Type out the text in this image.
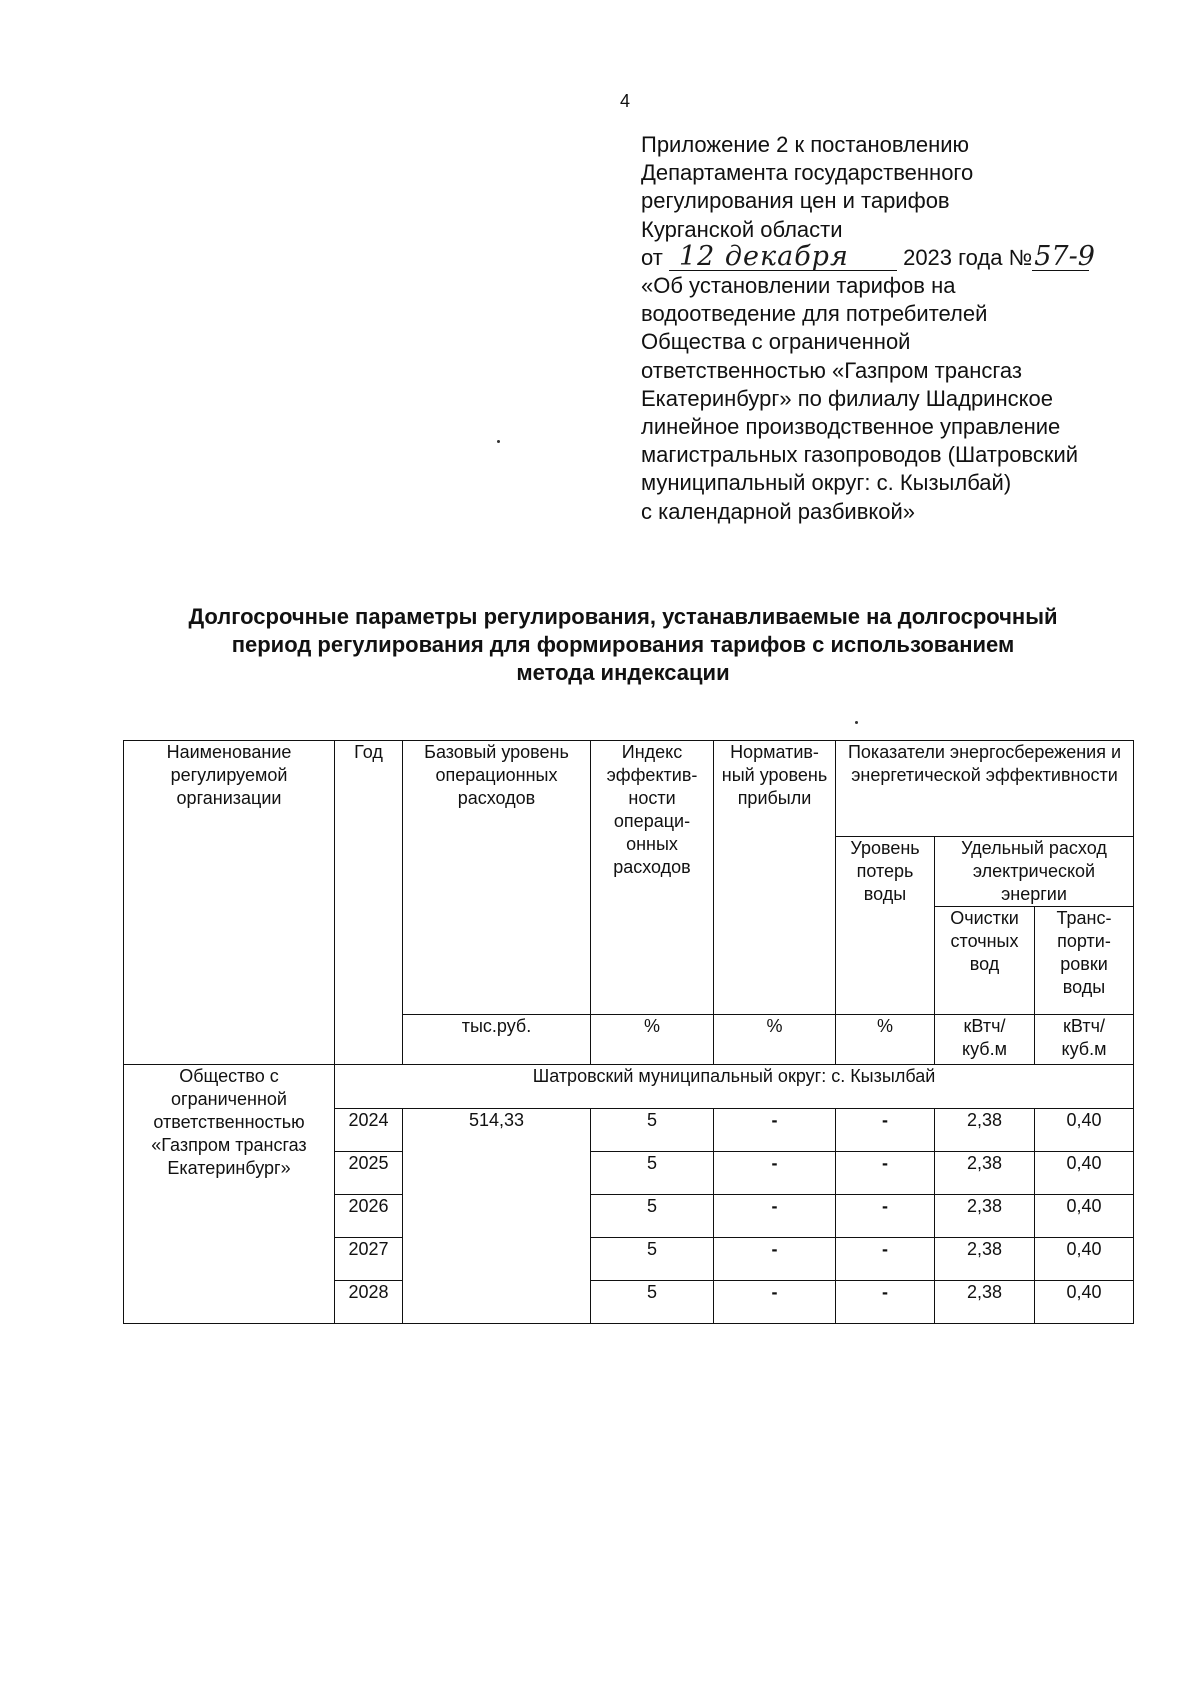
4
Приложение 2 к постановлению
Департамента государственного
регулирования цен и тарифов
Курганской области
от 12 декабря 2023 года №57-9
«Об установлении тарифов на
водоотведение для потребителей
Общества с ограниченной
ответственностью «Газпром трансгаз
Екатеринбург» по филиалу Шадринское
линейное производственное управление
магистральных газопроводов (Шатровский
муниципальный округ: с. Кызылбай)
с календарной разбивкой»
Долгосрочные параметры регулирования, устанавливаемые на долгосрочный
период регулирования для формирования тарифов с использованием
метода индексации
Наименование регулируемой организации	Год	Базовый уровень операционных расходов	Индекс эффектив-ности операци-онных расходов	Норматив-ный уровень прибыли	Показатели энергосбережения и энергетической эффективности		
					Уровень потерь воды	Удельный расход электрической энергии	
						Очистки сточных вод	Транс-порти-ровки воды
		тыс.руб.	%	%	%	кВтч/ куб.м	кВтч/ куб.м
Общество с ограниченной ответственностью «Газпром трансгаз Екатеринбург»	Шатровский муниципальный округ: с. Кызылбай						
	2024	514,33	5	-	-	2,38	0,40
	2025		5	-	-	2,38	0,40
	2026		5	-	-	2,38	0,40
	2027		5	-	-	2,38	0,40
	2028		5	-	-	2,38	0,40
